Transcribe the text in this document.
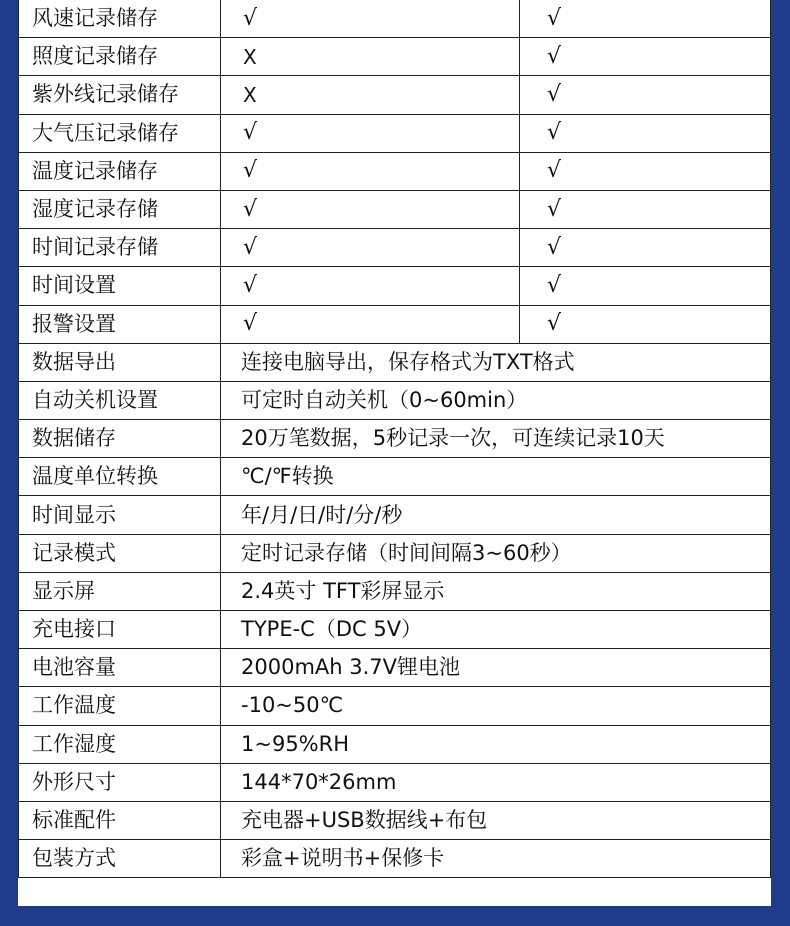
风速记录储存	√	√
照度记录储存	X	√
紫外线记录储存	X	√
大气压记录储存	√	√
温度记录储存	√	√
湿度记录存储	√	√
时间记录存储	√	√
时间设置	√	√
报警设置	√	√
数据导出	连接电脑导出，保存格式为TXT格式	
自动关机设置	可定时自动关机（0~60min）	
数据储存	20万笔数据，5秒记录一次，可连续记录10天	
温度单位转换	℃/℉转换	
时间显示	年/月/日/时/分/秒	
记录模式	定时记录存储（时间间隔3~60秒）	
显示屏	2.4英寸 TFT彩屏显示	
充电接口	TYPE-C（DC 5V）	
电池容量	2000mAh 3.7V锂电池	
工作温度	-10~50℃	
工作湿度	1~95%RH	
外形尺寸	144*70*26mm	
标准配件	充电器+USB数据线+布包	
包装方式	彩盒+说明书+保修卡	
